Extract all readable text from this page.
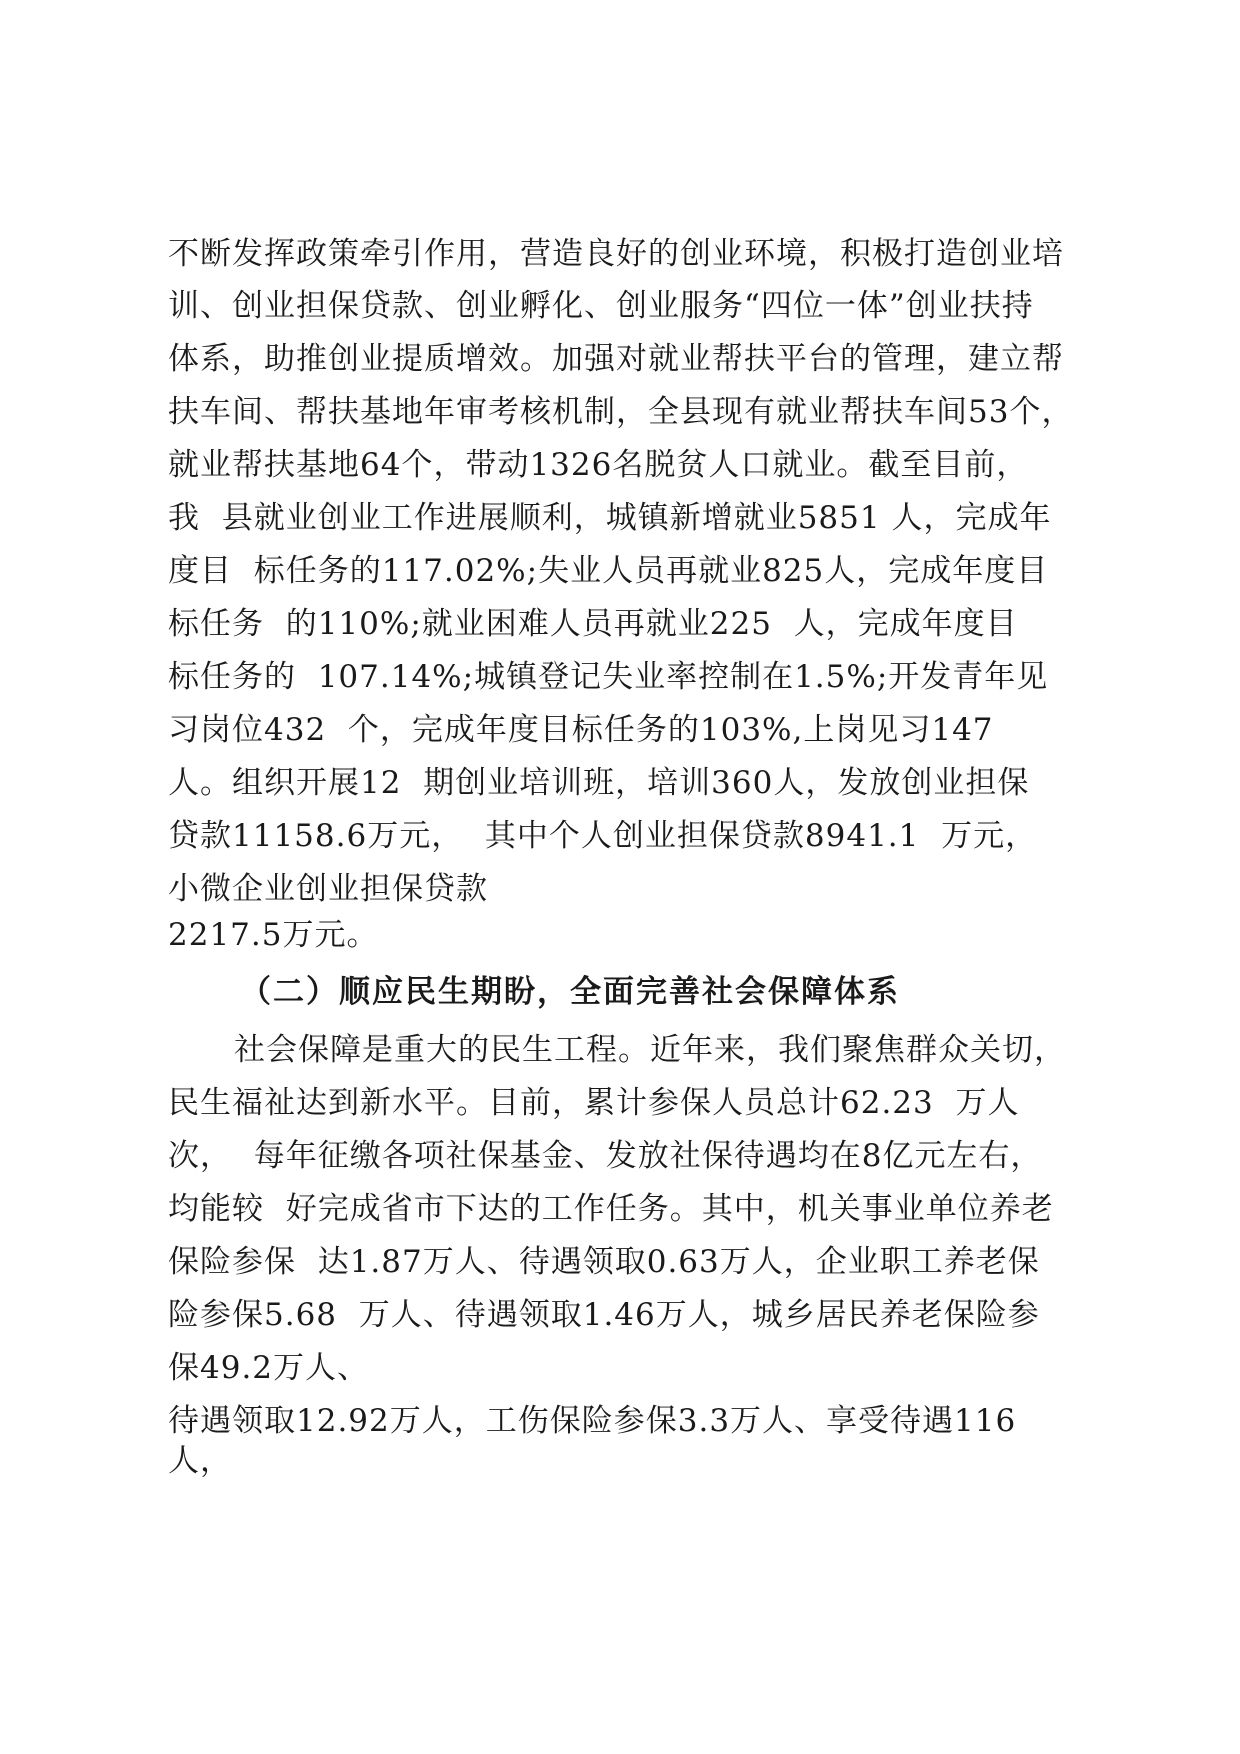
不断发挥政策牵引作用，营造良好的创业环境，积极打造创业培
训、创业担保贷款、创业孵化、创业服务“四位一体”创业扶持
体系，助推创业提质增效。加强对就业帮扶平台的管理，建立帮
扶车间、帮扶基地年审考核机制，全县现有就业帮扶车间53个，
就业帮扶基地64个，带动1326名脱贫人口就业。截至目前，
我  县就业创业工作进展顺利，城镇新增就业5851 人，完成年
度目  标任务的117.02%;失业人员再就业825人，完成年度目
标任务  的110%;就业困难人员再就业225  人，完成年度目
标任务的  107.14%;城镇登记失业率控制在1.5%;开发青年见
习岗位432  个，完成年度目标任务的103%,上岗见习147
人。组织开展12  期创业培训班，培训360人，发放创业担保
贷款11158.6万元，  其中个人创业担保贷款8941.1  万元，
小微企业创业担保贷款
2217.5万元。
（二）顺应民生期盼，全面完善社会保障体系
社会保障是重大的民生工程。近年来，我们聚焦群众关切，
民生福祉达到新水平。目前，累计参保人员总计62.23  万人
次，  每年征缴各项社保基金、发放社保待遇均在8亿元左右，
均能较  好完成省市下达的工作任务。其中，机关事业单位养老
保险参保  达1.87万人、待遇领取0.63万人，企业职工养老保
险参保5.68  万人、待遇领取1.46万人，城乡居民养老保险参
保49.2万人、
待遇领取12.92万人，工伤保险参保3.3万人、享受待遇116
人，
